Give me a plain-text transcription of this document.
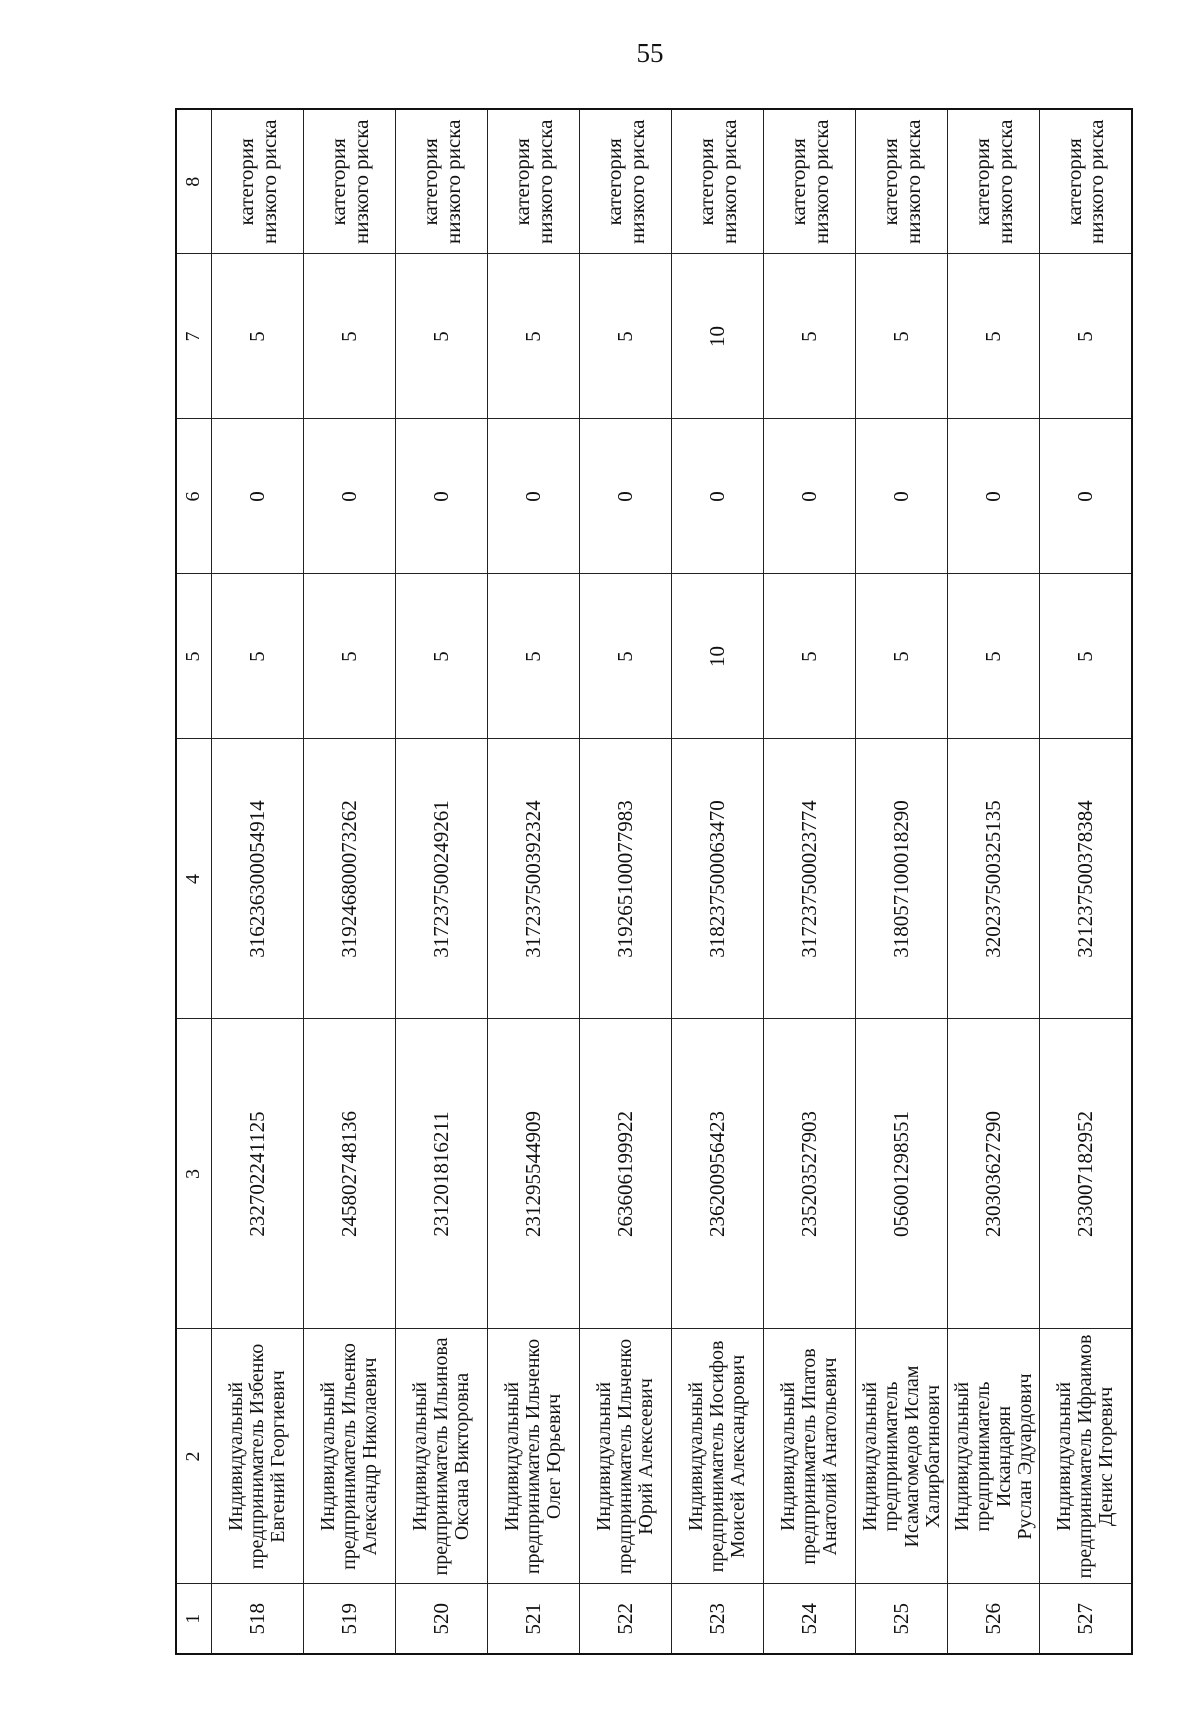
55
1	2	3	4	5	6	7	8
518	Индивидуальный
предприниматель Избенко
Евгений Георгиевич	232702241125	316236300054914	5	0	5	категория
низкого риска
519	Индивидуальный
предприниматель Ильенко
Александр Николаевич	245802748136	319246800073262	5	0	5	категория
низкого риска
520	Индивидуальный
предприниматель Ильинова
Оксана Викторовна	231201816211	317237500249261	5	0	5	категория
низкого риска
521	Индивидуальный
предприниматель Ильченко
Олег Юрьевич	231295544909	317237500392324	5	0	5	категория
низкого риска
522	Индивидуальный
предприниматель Ильченко
Юрий Алексеевич	263606199922	319265100077983	5	0	5	категория
низкого риска
523	Индивидуальный
предприниматель Иосифов
Моисей Александрович	236200956423	318237500063470	10	0	10	категория
низкого риска
524	Индивидуальный
предприниматель Ипатов
Анатолий Анатольевич	235203527903	317237500023774	5	0	5	категория
низкого риска
525	Индивидуальный
предприниматель
Исамагомедов Ислам
Халирбагинович	056001298551	318057100018290	5	0	5	категория
низкого риска
526	Индивидуальный
предприниматель Искандарян
Руслан Эдуардович	230303627290	320237500325135	5	0	5	категория
низкого риска
527	Индивидуальный
предприниматель Ифраимов
Денис Игоревич	233007182952	321237500378384	5	0	5	категория
низкого риска
